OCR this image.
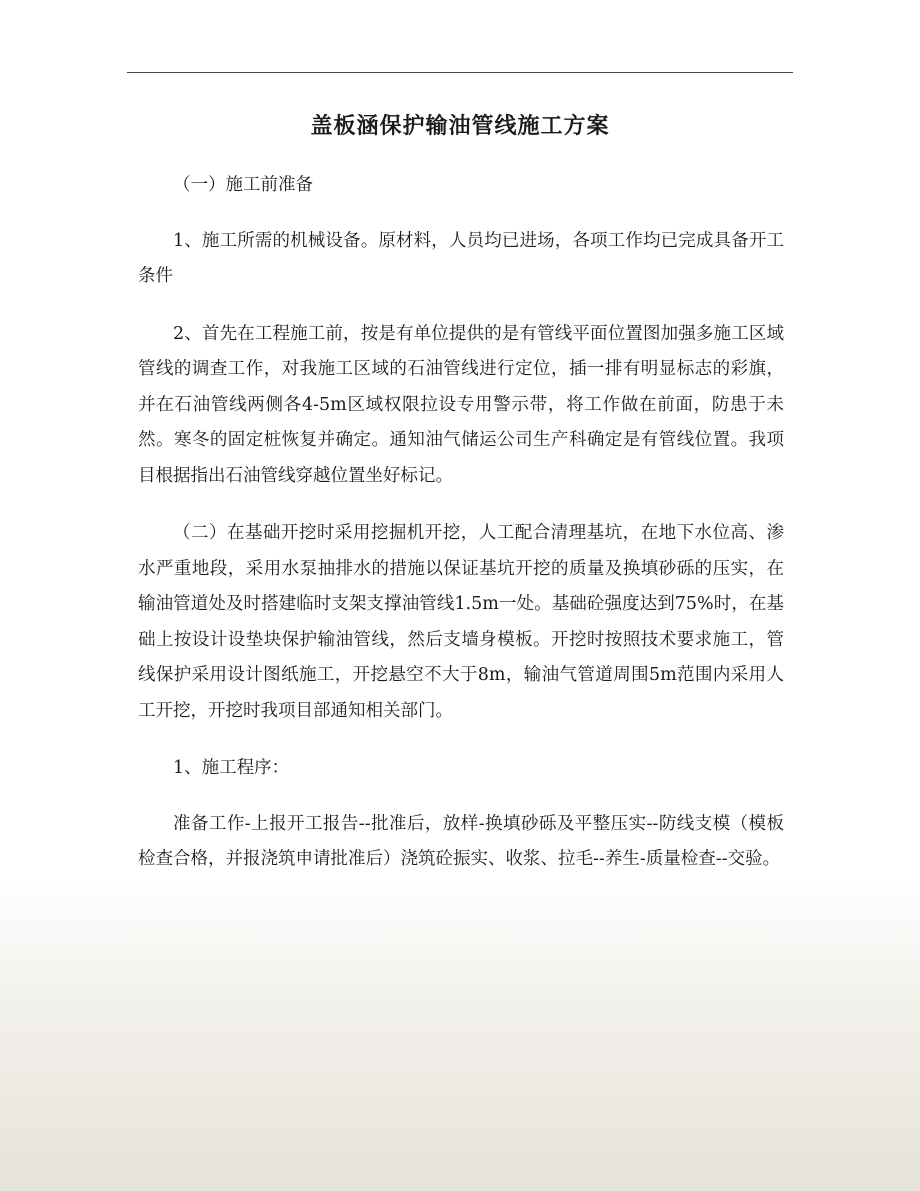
盖板涵保护输油管线施工方案

（一）施工前准备

1、施工所需的机械设备。原材料，人员均已进场，各项工作均已完成具备开工条件

2、首先在工程施工前，按是有单位提供的是有管线平面位置图加强多施工区域管线的调查工作，对我施工区域的石油管线进行定位，插一排有明显标志的彩旗，并在石油管线两侧各4-5m区域权限拉设专用警示带，将工作做在前面，防患于未然。寒冬的固定桩恢复并确定。通知油气储运公司生产科确定是有管线位置。我项目根据指出石油管线穿越位置坐好标记。

（二）在基础开挖时采用挖掘机开挖，人工配合清理基坑，在地下水位高、渗水严重地段，采用水泵抽排水的措施以保证基坑开挖的质量及换填砂砾的压实，在输油管道处及时搭建临时支架支撑油管线1.5m一处。基础砼强度达到75%时，在基础上按设计设垫块保护输油管线，然后支墙身模板。开挖时按照技术要求施工，管线保护采用设计图纸施工，开挖悬空不大于8m，输油气管道周围5m范围内采用人工开挖，开挖时我项目部通知相关部门。

1、施工程序：

准备工作-上报开工报告--批准后，放样-换填砂砾及平整压实--防线支模（模板检查合格，并报浇筑申请批准后）浇筑砼振实、收浆、拉毛--养生-质量检查--交验。
